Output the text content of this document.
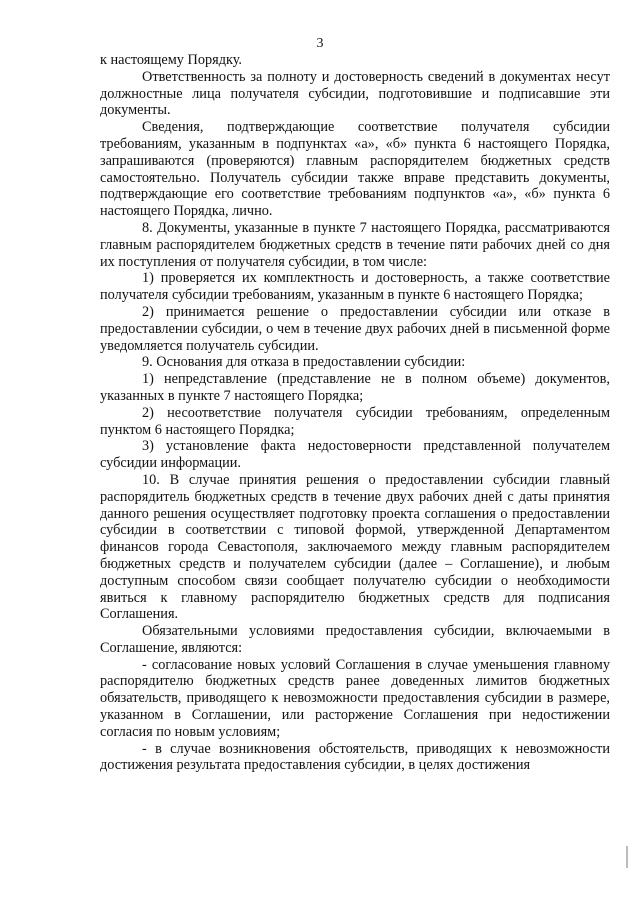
3

к настоящему Порядку.

Ответственность за полноту и достоверность сведений в документах несут должностные лица получателя субсидии, подготовившие и подписавшие эти документы.

Сведения, подтверждающие соответствие получателя субсидии требованиям, указанным в подпунктах «а», «б» пункта 6 настоящего Порядка, запрашиваются (проверяются) главным распорядителем бюджетных средств самостоятельно. Получатель субсидии также вправе представить документы, подтверждающие его соответствие требованиям подпунктов «а», «б» пункта 6 настоящего Порядка, лично.

8. Документы, указанные в пункте 7 настоящего Порядка, рассматриваются главным распорядителем бюджетных средств в течение пяти рабочих дней со дня их поступления от получателя субсидии, в том числе:

1) проверяется их комплектность и достоверность, а также соответствие получателя субсидии требованиям, указанным в пункте 6 настоящего Порядка;

2) принимается решение о предоставлении субсидии или отказе в предоставлении субсидии, о чем в течение двух рабочих дней в письменной форме уведомляется получатель субсидии.

9. Основания для отказа в предоставлении субсидии:

1) непредставление (представление не в полном объеме) документов, указанных в пункте 7 настоящего Порядка;

2) несоответствие получателя субсидии требованиям, определенным пунктом 6 настоящего Порядка;

3) установление факта недостоверности представленной получателем субсидии информации.

10. В случае принятия решения о предоставлении субсидии главный распорядитель бюджетных средств в течение двух рабочих дней с даты принятия данного решения осуществляет подготовку проекта соглашения о предоставлении субсидии в соответствии с типовой формой, утвержденной Департаментом финансов города Севастополя, заключаемого между главным распорядителем бюджетных средств и получателем субсидии (далее – Соглашение), и любым доступным способом связи сообщает получателю субсидии о необходимости явиться к главному распорядителю бюджетных средств для подписания Соглашения.

Обязательными условиями предоставления субсидии, включаемыми в Соглашение, являются:

- согласование новых условий Соглашения в случае уменьшения главному распорядителю бюджетных средств ранее доведенных лимитов бюджетных обязательств, приводящего к невозможности предоставления субсидии в размере, указанном в Соглашении, или расторжение Соглашения при недостижении согласия по новым условиям;

- в случае возникновения обстоятельств, приводящих к невозможности достижения результата предоставления субсидии, в целях достижения
